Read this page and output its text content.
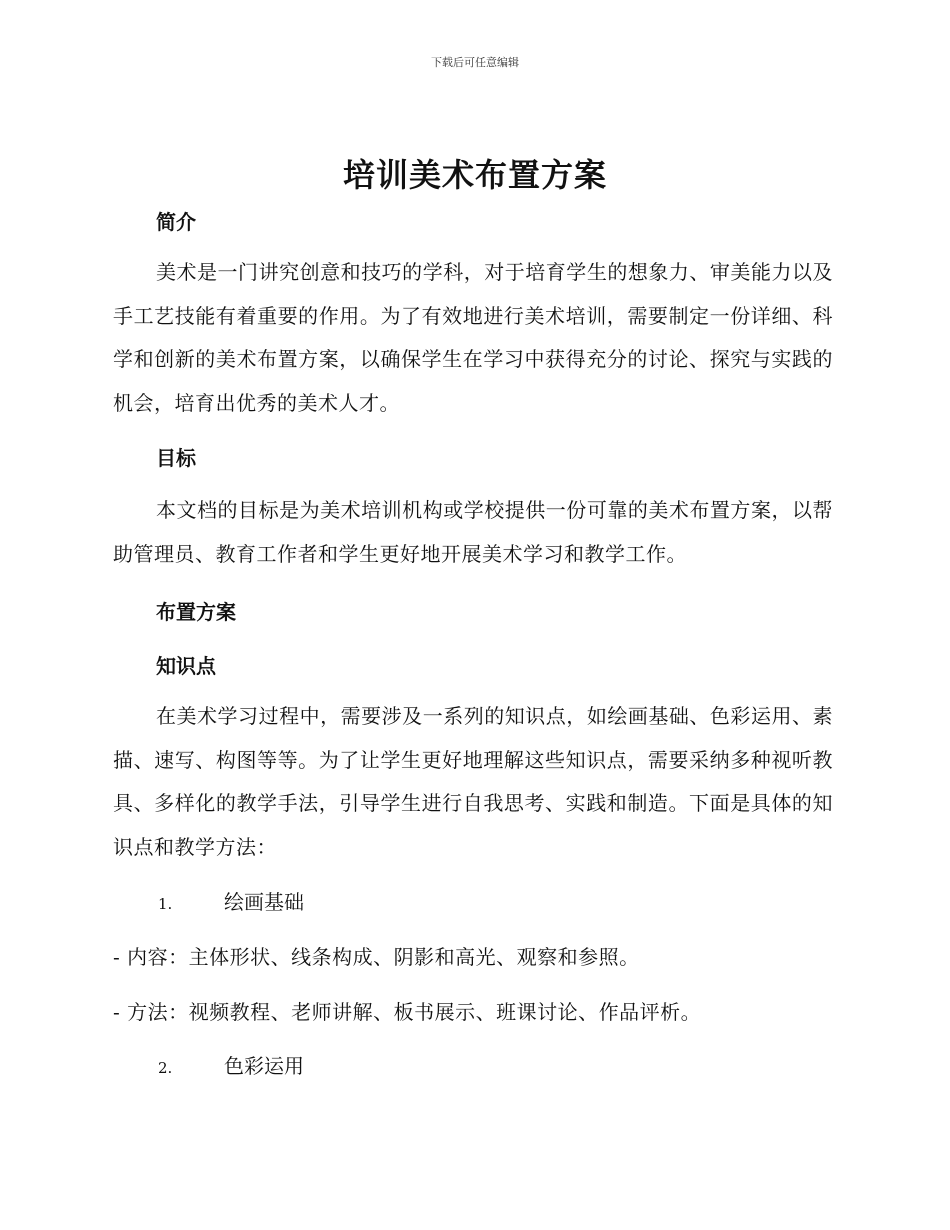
下载后可任意编辑
培训美术布置方案
简介
美术是一门讲究创意和技巧的学科，对于培育学生的想象力、审美能力以及手工艺技能有着重要的作用。为了有效地进行美术培训，需要制定一份详细、科学和创新的美术布置方案，以确保学生在学习中获得充分的讨论、探究与实践的机会，培育出优秀的美术人才。
目标
本文档的目标是为美术培训机构或学校提供一份可靠的美术布置方案，以帮助管理员、教育工作者和学生更好地开展美术学习和教学工作。
布置方案
知识点
在美术学习过程中，需要涉及一系列的知识点，如绘画基础、色彩运用、素描、速写、构图等等。为了让学生更好地理解这些知识点，需要采纳多种视听教具、多样化的教学手法，引导学生进行自我思考、实践和制造。下面是具体的知识点和教学方法：
1.	绘画基础
- 内容：主体形状、线条构成、阴影和高光、观察和参照。
- 方法：视频教程、老师讲解、板书展示、班课讨论、作品评析。
2.	色彩运用
